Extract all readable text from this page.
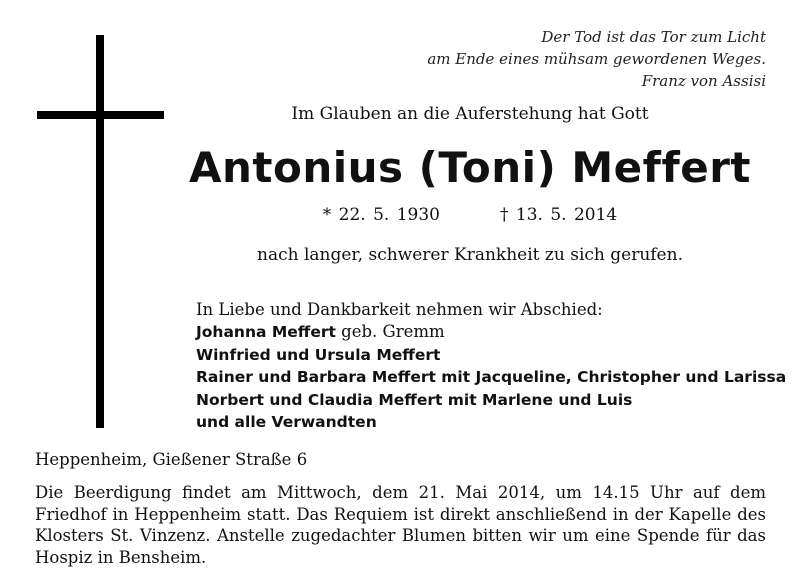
Der Tod ist das Tor zum Licht
am Ende eines mühsam gewordenen Weges.
Franz von Assisi
Im Glauben an die Auferstehung hat Gott
Antonius (Toni) Meffert
* 22. 5. 1930	† 13. 5. 2014
nach langer, schwerer Krankheit zu sich gerufen.
In Liebe und Dankbarkeit nehmen wir Abschied:
Johanna Meffert geb. Gremm
Winfried und Ursula Meffert
Rainer und Barbara Meffert mit Jacqueline, Christopher und Larissa
Norbert und Claudia Meffert mit Marlene und Luis
und alle Verwandten
Heppenheim, Gießener Straße 6
Die Beerdigung findet am Mittwoch, dem 21. Mai 2014, um 14.15 Uhr auf dem Friedhof in Heppenheim statt. Das Requiem ist direkt anschließend in der Kapelle des Klosters St. Vinzenz. Anstelle zugedachter Blumen bitten wir um eine Spende für das Hospiz in Bensheim.
